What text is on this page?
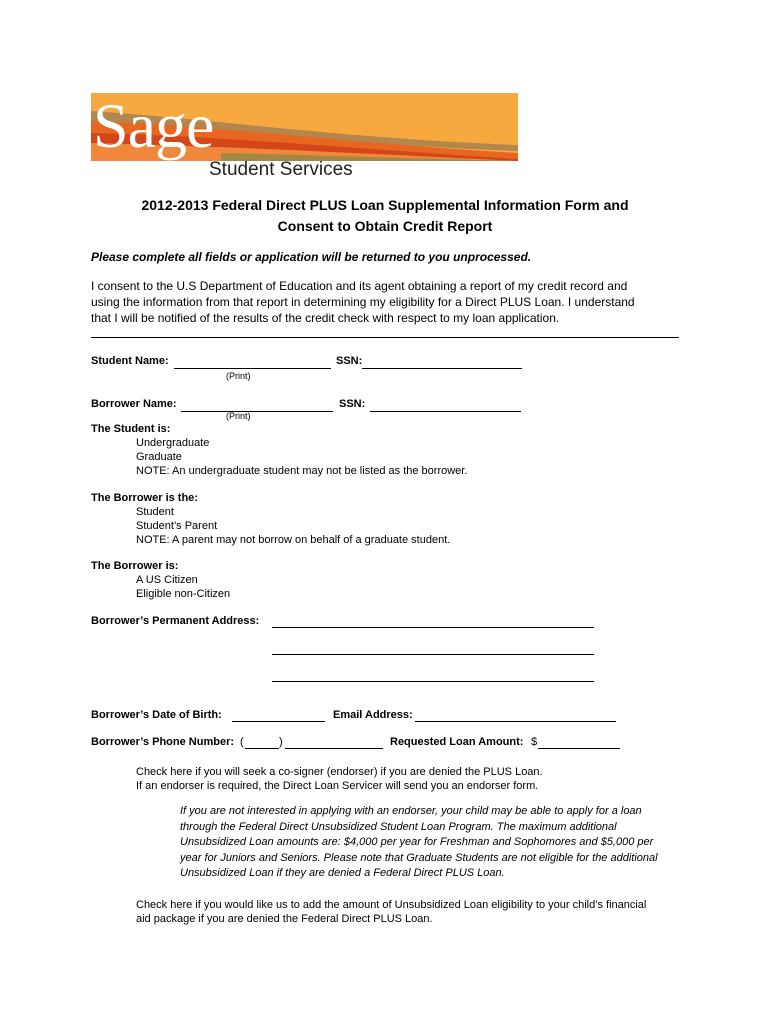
Sage
Student Services
2012-2013 Federal Direct PLUS Loan Supplemental Information Form and
Consent to Obtain Credit Report
Please complete all fields or application will be returned to you unprocessed.
I consent to the U.S Department of Education and its agent obtaining a report of my credit record and
using the information from that report in determining my eligibility for a Direct PLUS Loan. I understand
that I will be notified of the results of the credit check with respect to my loan application.
Student Name:	SSN:
(Print)
Borrower Name:	SSN:
(Print)
The Student is:
Undergraduate
Graduate
NOTE: An undergraduate student may not be listed as the borrower.
The Borrower is the:
Student
Student’s Parent
NOTE: A parent may not borrow on behalf of a graduate student.
The Borrower is:
A US Citizen
Eligible non-Citizen
Borrower’s Permanent Address:
Borrower’s Date of Birth:	Email Address:
Borrower’s Phone Number: (	)	Requested Loan Amount: $
Check here if you will seek a co-signer (endorser) if you are denied the PLUS Loan.
If an endorser is required, the Direct Loan Servicer will send you an endorser form.
If you are not interested in applying with an endorser, your child may be able to apply for a loan
through the Federal Direct Unsubsidized Student Loan Program. The maximum additional
Unsubsidized Loan amounts are: $4,000 per year for Freshman and Sophomores and $5,000 per
year for Juniors and Seniors. Please note that Graduate Students are not eligible for the additional
Unsubsidized Loan if they are denied a Federal Direct PLUS Loan.
Check here if you would like us to add the amount of Unsubsidized Loan eligibility to your child’s financial
aid package if you are denied the Federal Direct PLUS Loan.
